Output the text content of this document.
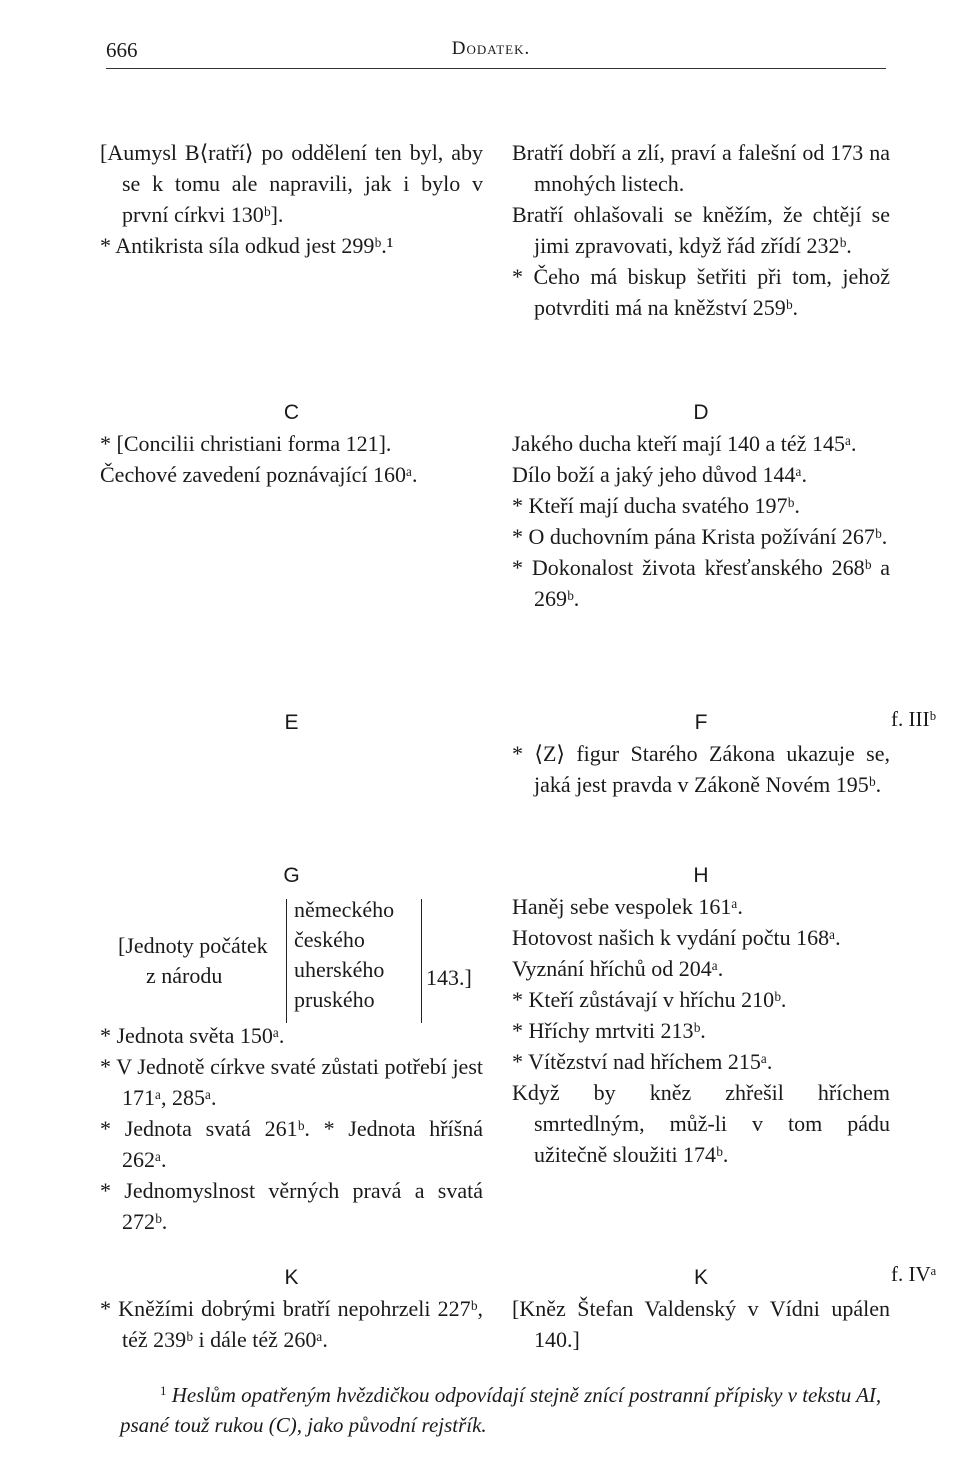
666	Dodatek.
[Aumysl B⟨ratří⟩ po oddělení ten byl, aby se k tomu ale napravili, jak i bylo v první církvi 130ᵇ].
* Antikrista síla odkud jest 299ᵇ.¹
Bratří dobří a zlí, praví a falešní od 173 na mnohých listech.
Bratří ohlašovali se kněžím, že chtějí se jimi zpravovati, když řád zřídí 232ᵇ.
* Čeho má biskup šetřiti při tom, jehož potvrditi má na kněžství 259ᵇ.
C
* [Concilii christiani forma 121].
Čechové zavedení poznávající 160ᵃ.
D
Jakého ducha kteří mají 140 a též 145ᵃ.
Dílo boží a jaký jeho důvod 144ᵃ.
* Kteří mají ducha svatého 197ᵇ.
* O duchovním pána Krista požívání 267ᵇ.
* Dokonalost života křesťanského 268ᵇ a 269ᵇ.
E	F
* ⟨Z⟩ figur Starého Zákona ukazuje se, jaká jest pravda v Zákoně Novém 195ᵇ.
f. IIIᵇ
G
[Jednoty počátek
z národu
německého
českého
uherského
pruského
143.]
* Jednota světa 150ᵃ.
* V Jednotě církve svaté zůstati potřebí jest 171ᵃ, 285ᵃ.
* Jednota svatá 261ᵇ. * Jednota hříšná 262ᵃ.
* Jednomyslnost věrných pravá a svatá 272ᵇ.
H
Haněj sebe vespolek 161ᵃ.
Hotovost našich k vydání počtu 168ᵃ.
Vyznání hříchů od 204ᵃ.
* Kteří zůstávají v hříchu 210ᵇ.
* Hříchy mrtviti 213ᵇ.
* Vítězství nad hříchem 215ᵃ.
Když by kněz zhřešil hříchem smrtedlným, můž-li v tom pádu užitečně sloužiti 174ᵇ.
K
* Kněžími dobrými bratří nepohrzeli 227ᵇ, též 239ᵇ i dále též 260ᵃ.
K
[Kněz Štefan Valdenský v Vídni upálen 140.]
f. IVᵃ
$^1$ Heslům opatřeným hvězdičkou odpovídají stejně znící postranní přípisky v tekstu AI, psané touž rukou (C), jako původní rejstřík.
